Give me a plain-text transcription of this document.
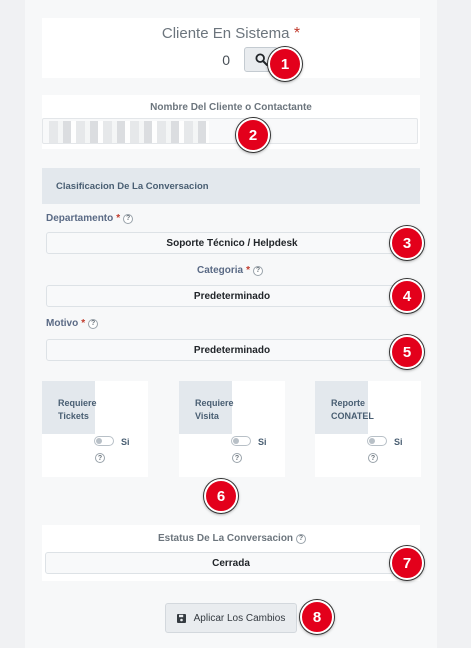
Cliente En Sistema *
0
Nombre Del Cliente o Contactante
Clasificacion De La Conversacion
Departamento * ?
Soporte Técnico / Helpdesk
Categoria * ?
Predeterminado
Motivo * ?
Predeterminado
Requiere
Tickets
Si
?
Requiere
Visita
Si
?
Reporte
CONATEL
Si
?
Estatus De La Conversacion ?
Cerrada
Aplicar Los Cambios
1
2
3
4
5
6
7
8
